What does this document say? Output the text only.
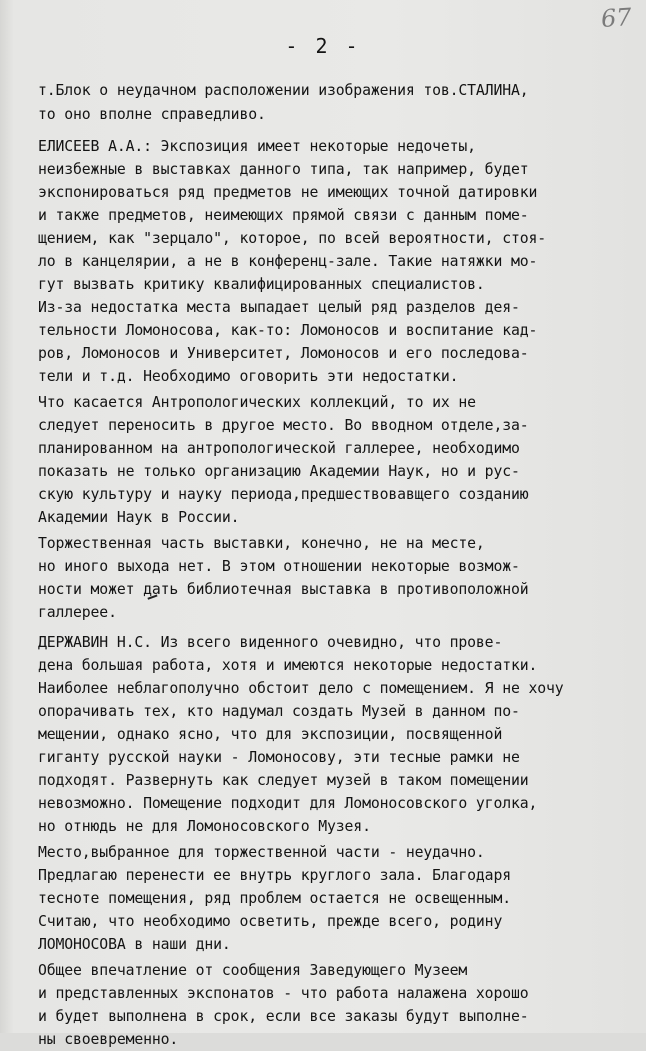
67
- 2 -
т.Блок о неудачном расположении изображения тов.СТАЛИНА,
то оно вполне справедливо.
ЕЛИСЕЕВ А.А.: Экспозиция имеет некоторые недочеты,
неизбежные в выставках данного типа, так например, будет
экспонироваться ряд предметов не имеющих точной датировки
и также предметов, неимеющих прямой связи с данным поме-
щением, как "зерцало", которое, по всей вероятности, стоя-
ло в канцелярии, а не в конференц-зале. Такие натяжки мо-
гут вызвать критику квалифицированных специалистов.
Из-за недостатка места выпадает целый ряд разделов дея-
тельности Ломоносова, как-то: Ломоносов и воспитание кад-
ров, Ломоносов и Университет, Ломоносов и его последова-
тели и т.д. Необходимо оговорить эти недостатки.
Что касается Антропологических коллекций, то их не
следует переносить в другое место. Во вводном отделе,за-
планированном на антропологической галлерее, необходимо
показать не только организацию Академии Наук, но и рус-
скую культуру и науку периода,предшествовавщего созданию
Академии Наук в России.
Торжественная часть выставки, конечно, не на месте,
но иного выхода нет. В этом отношении некоторые возмож-
ности может дать библиотечная выставка в противоположной
галлерее.
ДЕРЖАВИН Н.С. Из всего виденного очевидно, что прове-
дена большая работа, хотя и имеются некоторые недостатки.
Наиболее неблагополучно обстоит дело с помещением. Я не хочу
опорачивать тех, кто надумал создать Музей в данном по-
мещении, однако ясно, что для экспозиции, посвященной
гиганту русской науки - Ломоносову, эти тесные рамки не
подходят. Развернуть как следует музей в таком помещении
невозможно. Помещение подходит для Ломоносовского уголка,
но отнюдь не для Ломоносовского Музея.
Место,выбранное для торжественной части - неудачно.
Предлагаю перенести ее внутрь круглого зала. Благодаря
тесноте помещения, ряд проблем остается не освещенным.
Считаю, что необходимо осветить, прежде всего, родину
ЛОМОНОСОВА в наши дни.
Общее впечатление от сообщения Заведующего Музеем
и представленных экспонатов - что работа налажена хорошо
и будет выполнена в срок, если все заказы будут выполне-
ны своевременно.
